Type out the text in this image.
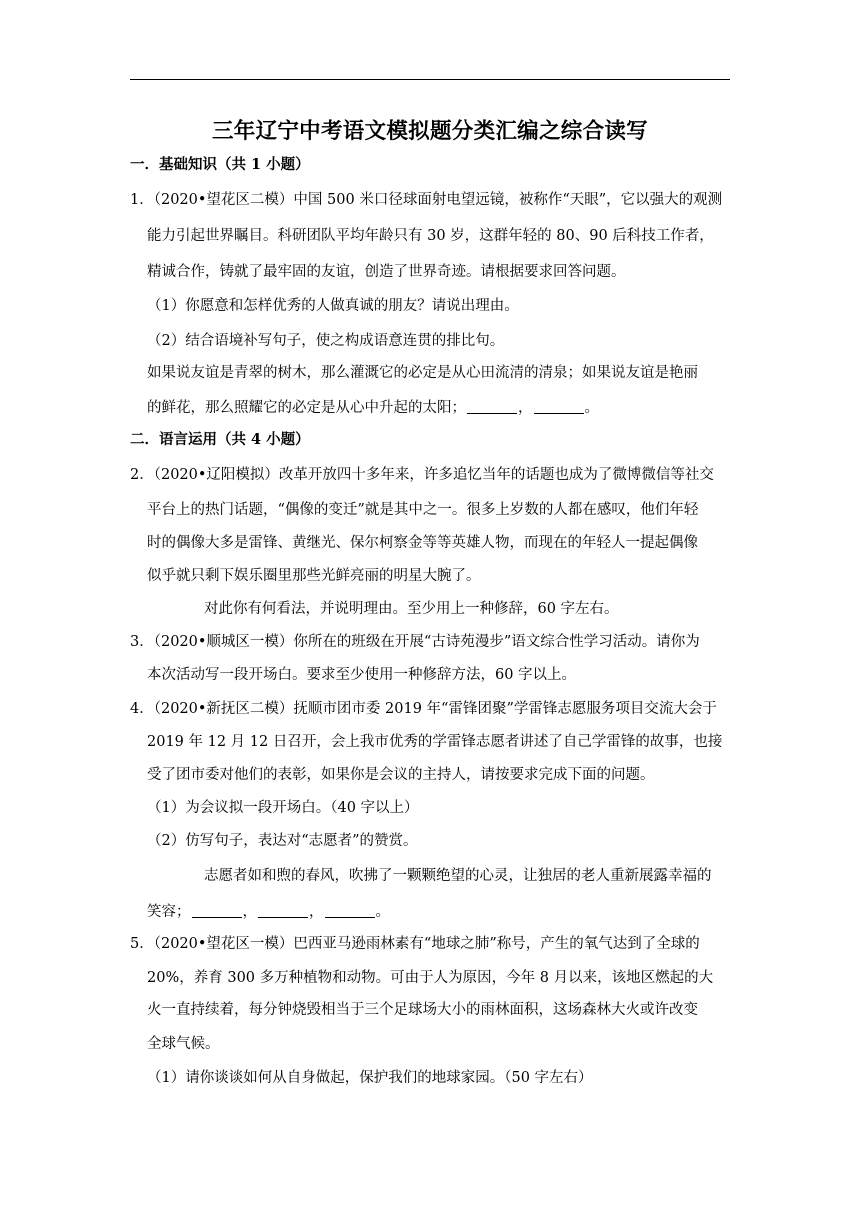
三年辽宁中考语文模拟题分类汇编之综合读写
一．基础知识（共 1 小题）
1．（2020•望花区二模）中国 500 米口径球面射电望远镜，被称作“天眼”，它以强大的观测
能力引起世界瞩目。科研团队平均年龄只有 30 岁，这群年轻的 80、90 后科技工作者，
精诚合作，铸就了最牢固的友谊，创造了世界奇迹。请根据要求回答问题。
（1）你愿意和怎样优秀的人做真诚的朋友？请说出理由。
（2）结合语境补写句子，使之构成语意连贯的排比句。
如果说友谊是青翠的树木，那么灌溉它的必定是从心田流清的清泉；如果说友谊是艳丽
的鲜花，那么照耀它的必定是从心中升起的太阳；	，	。
二．语言运用（共 4 小题）
2．（2020•辽阳模拟）改革开放四十多年来，许多追忆当年的话题也成为了微博微信等社交
平台上的热门话题，“偶像的变迁”就是其中之一。很多上岁数的人都在感叹，他们年轻
时的偶像大多是雷锋、黄继光、保尔柯察金等等英雄人物，而现在的年轻人一提起偶像
似乎就只剩下娱乐圈里那些光鲜亮丽的明星大腕了。
对此你有何看法，并说明理由。至少用上一种修辞，60 字左右。
3．（2020•顺城区一模）你所在的班级在开展“古诗苑漫步”语文综合性学习活动。请你为
本次活动写一段开场白。要求至少使用一种修辞方法，60 字以上。
4．（2020•新抚区二模）抚顺市团市委 2019 年“雷锋团聚”学雷锋志愿服务项目交流大会于
2019 年 12 月 12 日召开，会上我市优秀的学雷锋志愿者讲述了自己学雷锋的故事，也接
受了团市委对他们的表彰，如果你是会议的主持人，请按要求完成下面的问题。
（1）为会议拟一段开场白。（40 字以上）
（2）仿写句子，表达对“志愿者”的赞赏。
志愿者如和煦的春风，吹拂了一颗颗绝望的心灵，让独居的老人重新展露幸福的
笑容；	，	，	。
5．（2020•望花区一模）巴西亚马逊雨林素有“地球之肺”称号，产生的氧气达到了全球的
20%，养育 300 多万种植物和动物。可由于人为原因，今年 8 月以来，该地区燃起的大
火一直持续着，每分钟烧毁相当于三个足球场大小的雨林面积，这场森林大火或许改变
全球气候。
（1）请你谈谈如何从自身做起，保护我们的地球家园。（50 字左右）
